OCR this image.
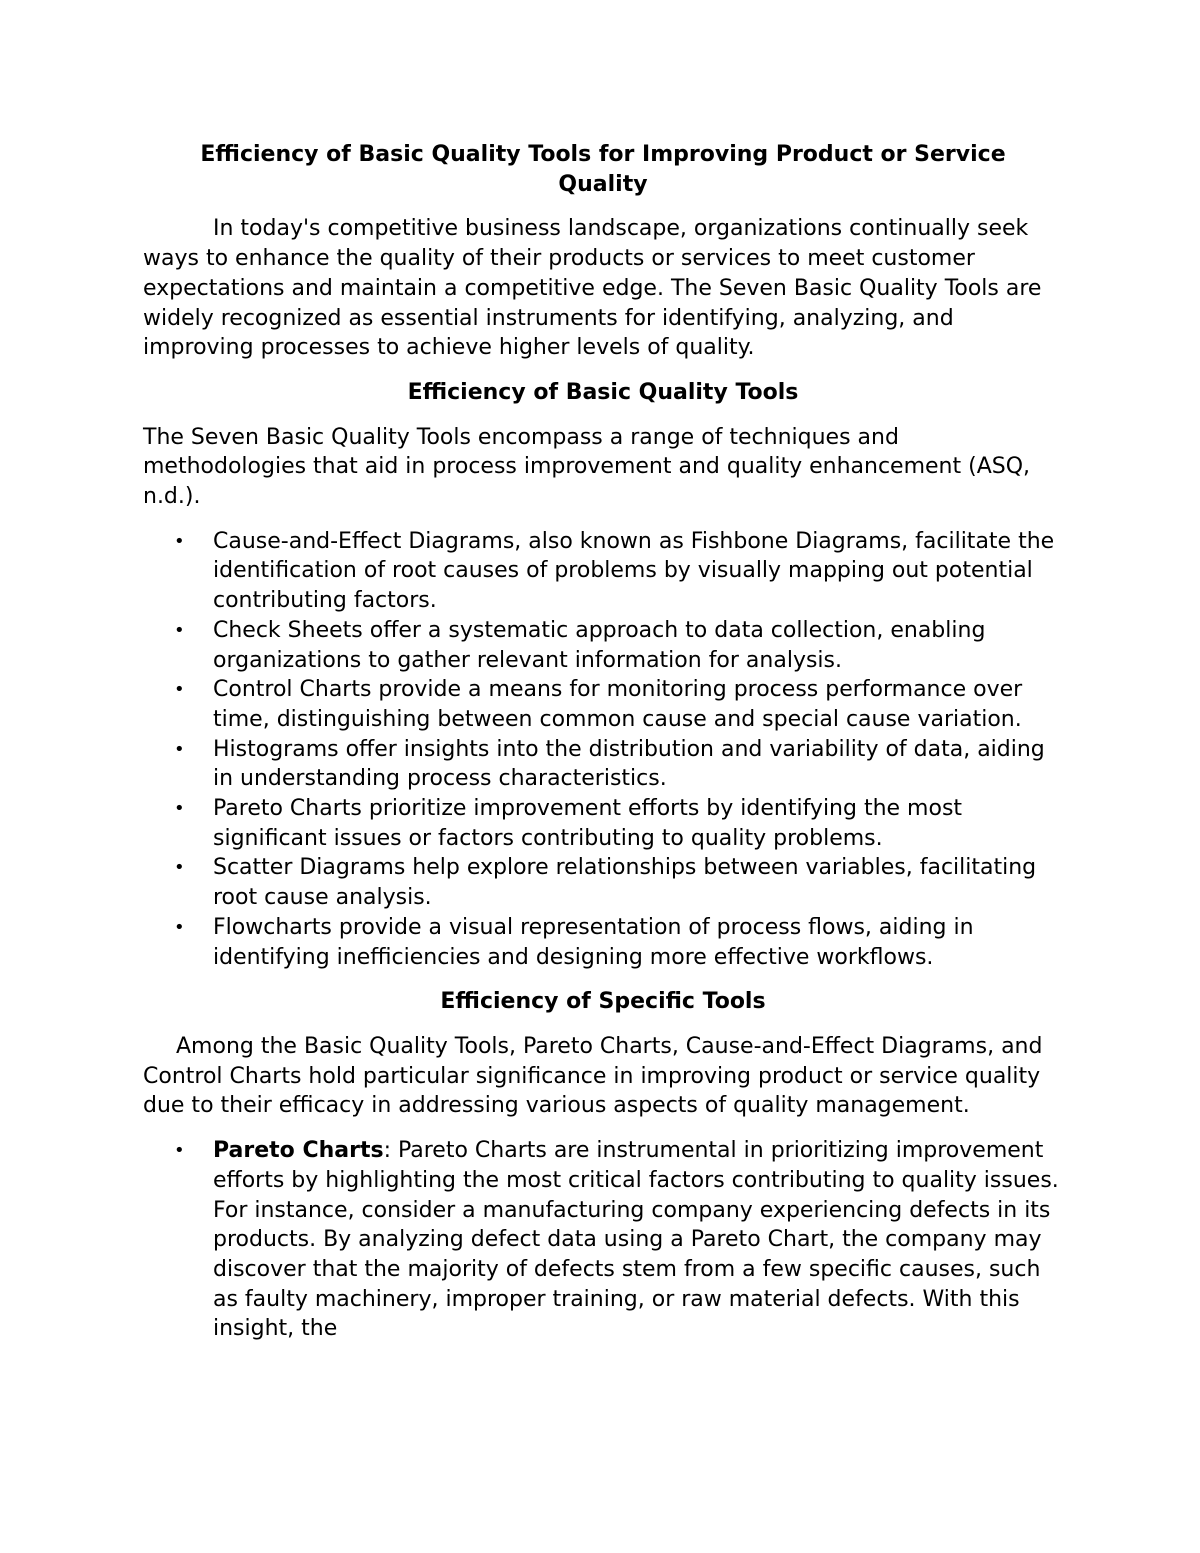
Efficiency of Basic Quality Tools for Improving Product or Service Quality

In today's competitive business landscape, organizations continually seek ways to enhance the quality of their products or services to meet customer expectations and maintain a competitive edge. The Seven Basic Quality Tools are widely recognized as essential instruments for identifying, analyzing, and improving processes to achieve higher levels of quality.

Efficiency of Basic Quality Tools

The Seven Basic Quality Tools encompass a range of techniques and methodologies that aid in process improvement and quality enhancement (ASQ, n.d.).

• Cause-and-Effect Diagrams, also known as Fishbone Diagrams, facilitate the identification of root causes of problems by visually mapping out potential contributing factors.
• Check Sheets offer a systematic approach to data collection, enabling organizations to gather relevant information for analysis.
• Control Charts provide a means for monitoring process performance over time, distinguishing between common cause and special cause variation.
• Histograms offer insights into the distribution and variability of data, aiding in understanding process characteristics.
• Pareto Charts prioritize improvement efforts by identifying the most significant issues or factors contributing to quality problems.
• Scatter Diagrams help explore relationships between variables, facilitating root cause analysis.
• Flowcharts provide a visual representation of process flows, aiding in identifying inefficiencies and designing more effective workflows.
Efficiency of Specific Tools

Among the Basic Quality Tools, Pareto Charts, Cause-and-Effect Diagrams, and Control Charts hold particular significance in improving product or service quality due to their efficacy in addressing various aspects of quality management.

• Pareto Charts: Pareto Charts are instrumental in prioritizing improvement efforts by highlighting the most critical factors contributing to quality issues. For instance, consider a manufacturing company experiencing defects in its products. By analyzing defect data using a Pareto Chart, the company may discover that the majority of defects stem from a few specific causes, such as faulty machinery, improper training, or raw material defects. With this insight, the
